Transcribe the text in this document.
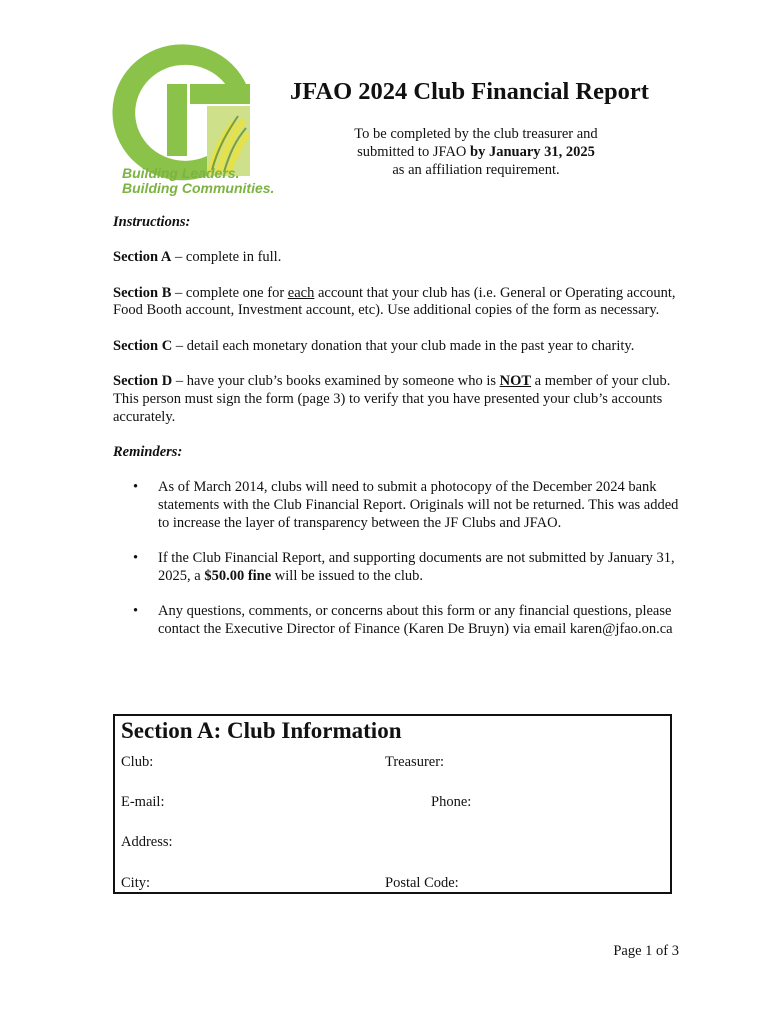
Building Leaders.
Building Communities.
JFAO 2024 Club Financial Report
To be completed by the club treasurer and
submitted to JFAO by January 31, 2025
as an affiliation requirement.

Instructions:

Section A – complete in full.

Section B – complete one for each account that your club has (i.e. General or Operating account, Food Booth account, Investment account, etc). Use additional copies of the form as necessary.

Section C – detail each monetary donation that your club made in the past year to charity.

Section D – have your club’s books examined by someone who is NOT a member of your club. This person must sign the form (page 3) to verify that you have presented your club’s accounts accurately.

Reminders:

• As of March 2014, clubs will need to submit a photocopy of the December 2024 bank statements with the Club Financial Report. Originals will not be returned. This was added to increase the layer of transparency between the JF Clubs and JFAO.
• If the Club Financial Report, and supporting documents are not submitted by January 31, 2025, a $50.00 fine will be issued to the club.
• Any questions, comments, or concerns about this form or any financial questions, please contact the Executive Director of Finance (Karen De Bruyn) via email karen@jfao.on.ca
Section A: Club Information
Club:	Treasurer:
E-mail:	Phone:
Address:
City:	Postal Code:
Page 1 of 3
